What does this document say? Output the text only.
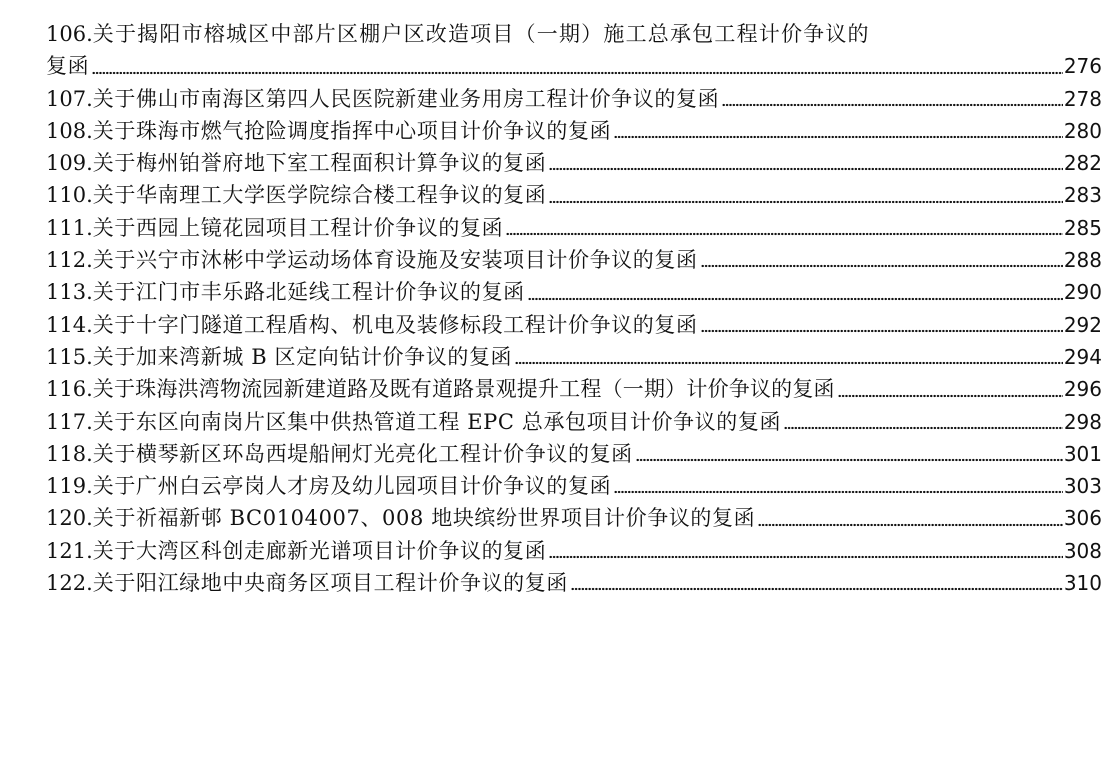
106.关于揭阳市榕城区中部片区棚户区改造项目（一期）施工总承包工程计价争议的
复函	276
107. 关于佛山市南海区第四人民医院新建业务用房工程计价争议的复函	278
108. 关于珠海市燃气抢险调度指挥中心项目计价争议的复函	280
109. 关于梅州铂誉府地下室工程面积计算争议的复函	282
110. 关于华南理工大学医学院综合楼工程争议的复函	283
111. 关于西园上镜花园项目工程计价争议的复函	285
112. 关于兴宁市沐彬中学运动场体育设施及安装项目计价争议的复函	288
113. 关于江门市丰乐路北延线工程计价争议的复函	290
114. 关于十字门隧道工程盾构、机电及装修标段工程计价争议的复函	292
115. 关于加来湾新城 B 区定向钻计价争议的复函	294
116. 关于珠海洪湾物流园新建道路及既有道路景观提升工程（一期）计价争议的复函	296
117. 关于东区向南岗片区集中供热管道工程 EPC 总承包项目计价争议的复函	298
118. 关于横琴新区环岛西堤船闸灯光亮化工程计价争议的复函	301
119. 关于广州白云亭岗人才房及幼儿园项目计价争议的复函	303
120. 关于祈福新邨 BC0104007、008 地块缤纷世界项目计价争议的复函	306
121. 关于大湾区科创走廊新光谱项目计价争议的复函	308
122. 关于阳江绿地中央商务区项目工程计价争议的复函	310
